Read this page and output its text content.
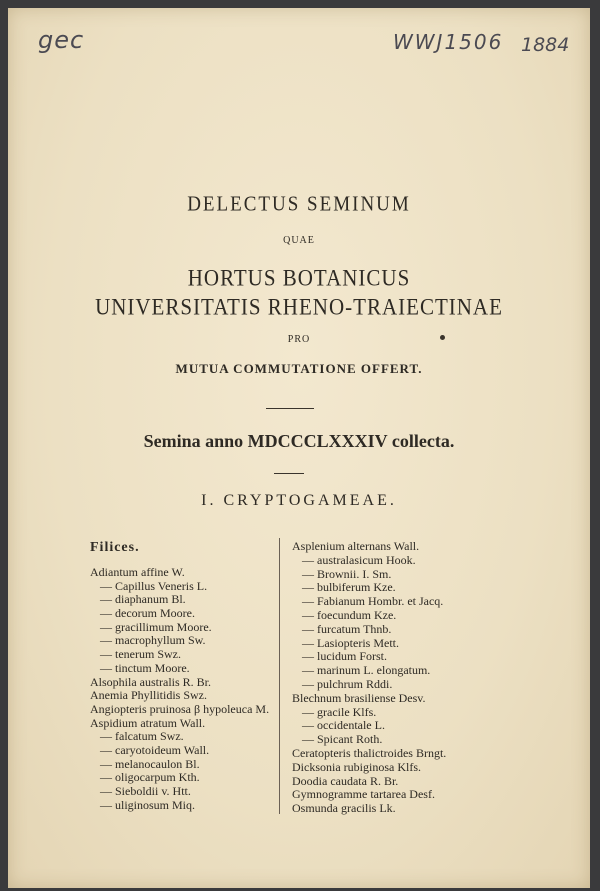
gec	WWJ1506 1884
DELECTUS SEMINUM
QUAE
HORTUS BOTANICUS
UNIVERSITATIS RHENO-TRAIECTINAE
PRO
MUTUA COMMUTATIONE OFFERT.
Semina anno MDCCCLXXXIV collecta.
I. CRYPTOGAMEAE.
Filices.
Adiantum affine W.
— Capillus Veneris L.
— diaphanum Bl.
— decorum Moore.
— gracillimum Moore.
— macrophyllum Sw.
— tenerum Swz.
— tinctum Moore.
Alsophila australis R. Br.
Anemia Phyllitidis Swz.
Angiopteris pruinosa β hypoleuca M.
Aspidium atratum Wall.
— falcatum Swz.
— caryotoideum Wall.
— melanocaulon Bl.
— oligocarpum Kth.
— Sieboldii v. Htt.
— uliginosum Miq.
Asplenium alternans Wall.
— australasicum Hook.
— Brownii. I. Sm.
— bulbiferum Kze.
— Fabianum Hombr. et Jacq.
— foecundum Kze.
— furcatum Thnb.
— Lasiopteris Mett.
— lucidum Forst.
— marinum L. elongatum.
— pulchrum Rddi.
Blechnum brasiliense Desv.
— gracile Klfs.
— occidentale L.
— Spicant Roth.
Ceratopteris thalictroides Brngt.
Dicksonia rubiginosa Klfs.
Doodia caudata R. Br.
Gymnogramme tartarea Desf.
Osmunda gracilis Lk.
